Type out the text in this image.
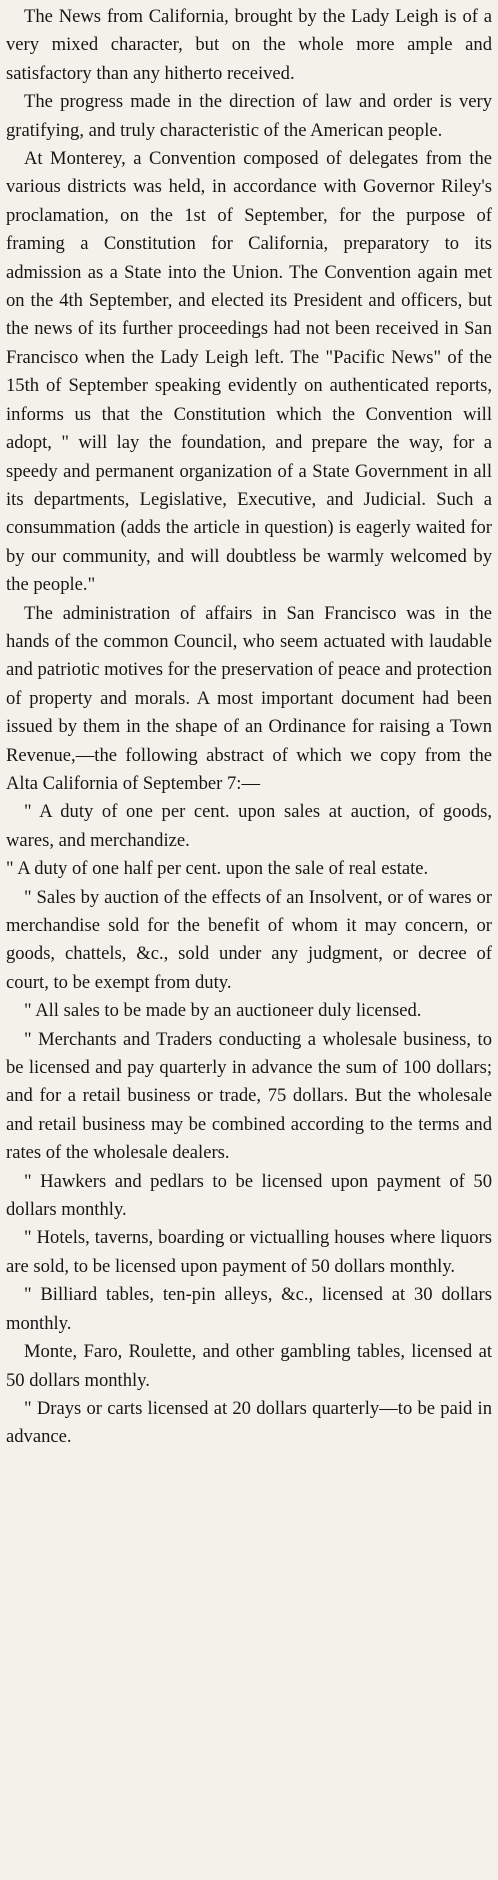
The News from California, brought by the Lady Leigh is of a very mixed character, but on the whole more ample and satisfactory than any hitherto received.

The progress made in the direction of law and order is very gratifying, and truly characteristic of the American people.

At Monterey, a Convention composed of delegates from the various districts was held, in accordance with Governor Riley's proclamation, on the 1st of September, for the purpose of framing a Constitution for California, preparatory to its admission as a State into the Union. The Convention again met on the 4th September, and elected its President and officers, but the news of its further proceedings had not been received in San Francisco when the Lady Leigh left. The "Pacific News" of the 15th of September speaking evidently on authenticated reports, informs us that the Constitution which the Convention will adopt, " will lay the foundation, and prepare the way, for a speedy and permanent organization of a State Government in all its departments, Legislative, Executive, and Judicial. Such a consummation (adds the article in question) is eagerly waited for by our community, and will doubtless be warmly welcomed by the people."

The administration of affairs in San Francisco was in the hands of the common Council, who seem actuated with laudable and patriotic motives for the preservation of peace and protection of property and morals. A most important document had been issued by them in the shape of an Ordinance for raising a Town Revenue,—the following abstract of which we copy from the Alta California of September 7:—

" A duty of one per cent. upon sales at auction, of goods, wares, and merchandize.

" A duty of one half per cent. upon the sale of real estate.

" Sales by auction of the effects of an Insolvent, or of wares or merchandise sold for the benefit of whom it may concern, or goods, chattels, &c., sold under any judgment, or decree of court, to be exempt from duty.

" All sales to be made by an auctioneer duly licensed.

" Merchants and Traders conducting a wholesale business, to be licensed and pay quarterly in advance the sum of 100 dollars; and for a retail business or trade, 75 dollars. But the wholesale and retail business may be combined according to the terms and rates of the wholesale dealers.

" Hawkers and pedlars to be licensed upon payment of 50 dollars monthly.

" Hotels, taverns, boarding or victualling houses where liquors are sold, to be licensed upon payment of 50 dollars monthly.

" Billiard tables, ten-pin alleys, &c., licensed at 30 dollars monthly.

Monte, Faro, Roulette, and other gambling tables, licensed at 50 dollars monthly.

" Drays or carts licensed at 20 dollars quarterly—to be paid in advance.
